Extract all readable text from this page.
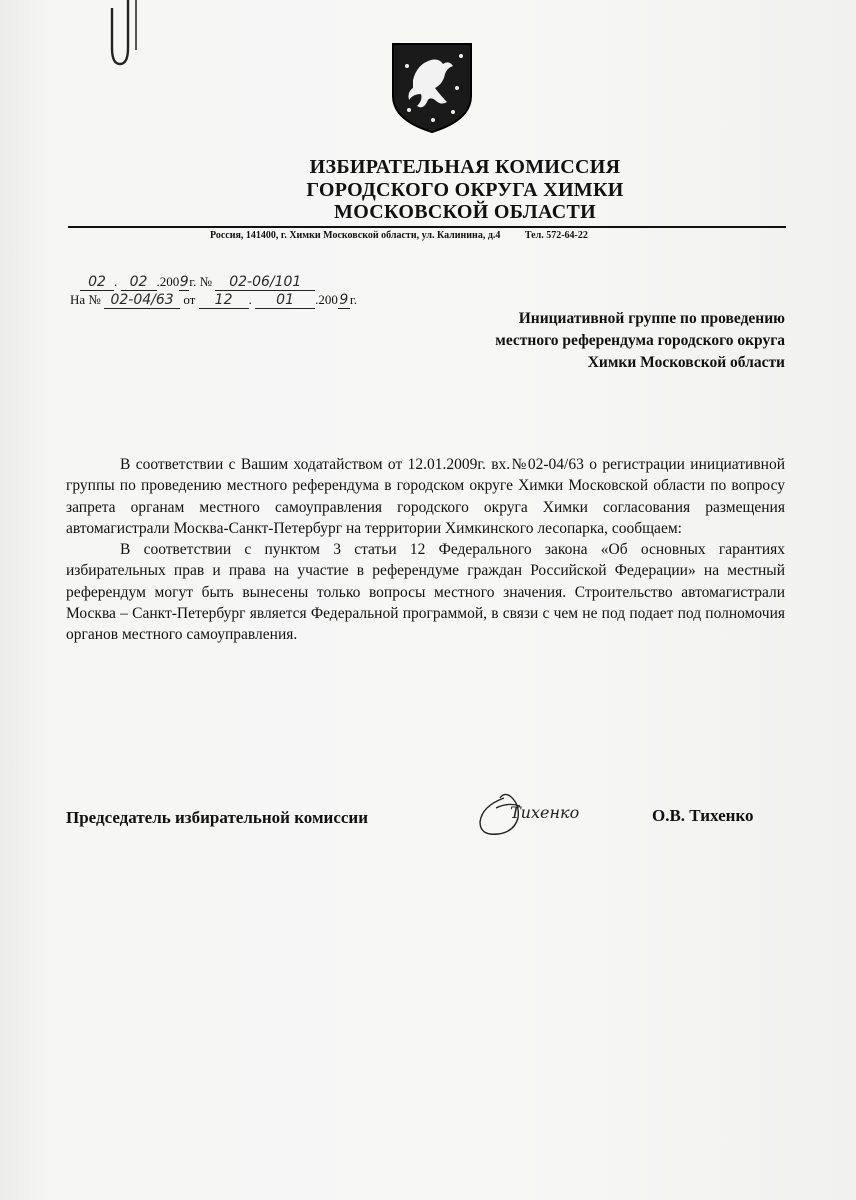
ИЗБИРАТЕЛЬНАЯ КОМИССИЯ
ГОРОДСКОГО ОКРУГА ХИМКИ
МОСКОВСКОЙ ОБЛАСТИ
Россия, 141400, г. Химки Московской области, ул. Калинина, д.4 Тел. 572-64-22
02 . 02 .2009г. № 02-06/101
На № 02-04/63 от 12 . 01 .200 9 г.
Инициативной группе по проведению
местного референдума городского округа
Химки Московской области

В соответствии с Вашим ходатайством от 12.01.2009г. вх.№02-04/63 о регистрации инициативной группы по проведению местного референдума в городском округе Химки Московской области по вопросу запрета органам местного самоуправления городского округа Химки согласования размещения автомагистрали Москва-Санкт-Петербург на территории Химкинского лесопарка, сообщаем:

В соответствии с пунктом 3 статьи 12 Федерального закона «Об основных гарантиях избирательных прав и права на участие в референдуме граждан Российской Федерации» на местный референдум могут быть вынесены только вопросы местного значения. Строительство автомагистрали Москва – Санкт-Петербург является Федеральной программой, в связи с чем не под подает под полномочия органов местного самоуправления.

Председатель избирательной комиссии	Тихенко	О.В. Тихенко
